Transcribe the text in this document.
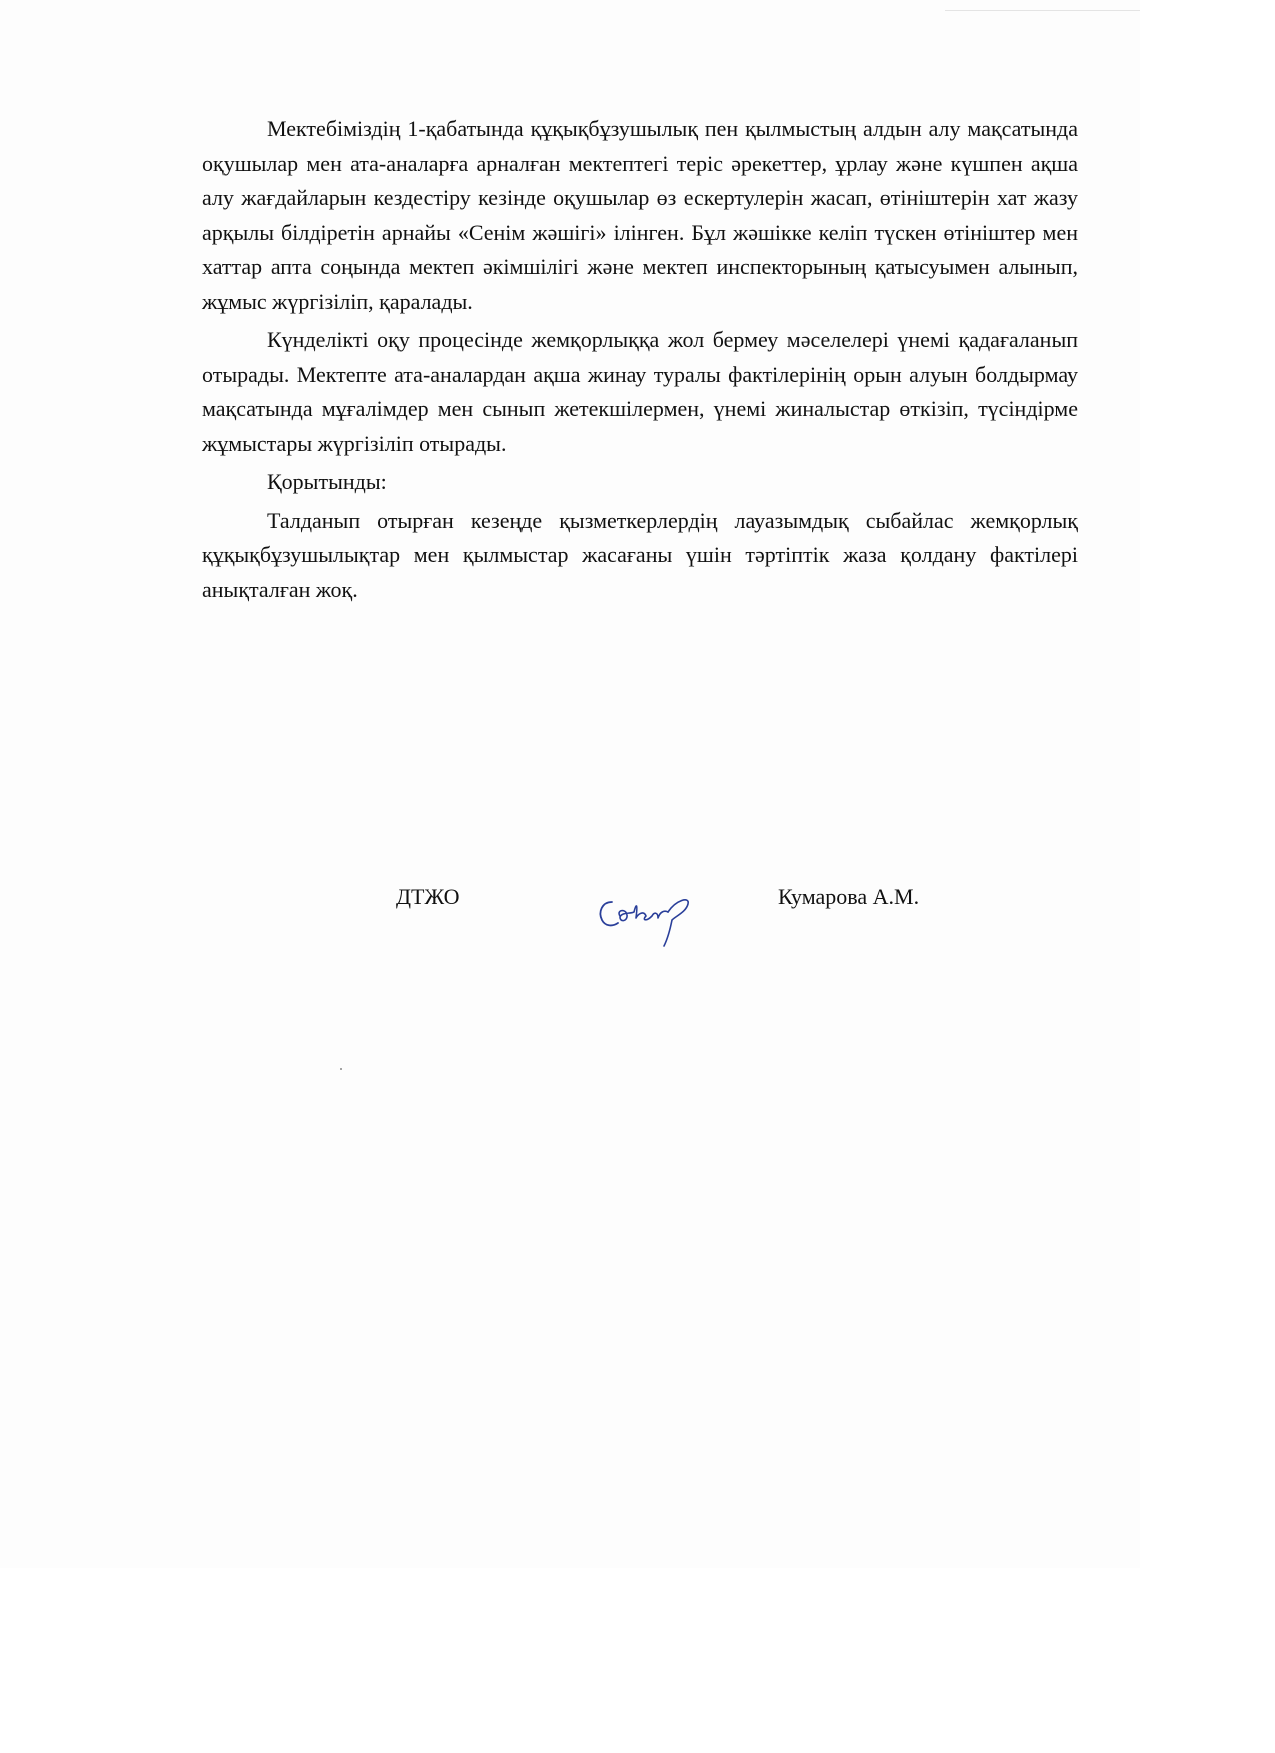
Мектебіміздің 1-қабатында құқықбұзушылық пен қылмыстың алдын алу мақсатында оқушылар мен ата-аналарға арналған мектептегі теріс әрекеттер, ұрлау және күшпен ақша алу жағдайларын кездестіру кезінде оқушылар өз ескертулерін жасап, өтініштерін хат жазу арқылы білдіретін арнайы «Сенім жәшігі» ілінген. Бұл жәшікке келіп түскен өтініштер мен хаттар апта соңында мектеп әкімшілігі және мектеп инспекторының қатысуымен алынып, жұмыс жүргізіліп, қаралады.

Күнделікті оқу процесінде жемқорлыққа жол бермеу мәселелері үнемі қадағаланып отырады. Мектепте ата-аналардан ақша жинау туралы фактілерінің орын алуын болдырмау мақсатында мұғалімдер мен сынып жетекшілермен, үнемі жиналыстар өткізіп, түсіндірме жұмыстары жүргізіліп отырады.

Қорытынды:

Талданып отырған кезеңде қызметкерлердің лауазымдық сыбайлас жемқорлық құқықбұзушылықтар мен қылмыстар жасағаны үшін тәртіптік жаза қолдану фактілері анықталған жоқ.

ДТЖО	Кумарова А.М.
